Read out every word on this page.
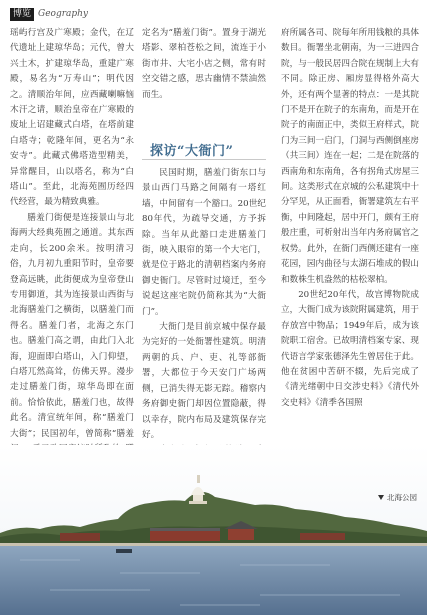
博览 Geography

瑶屿行宫及广寒殿；金代，在辽代遗址上建琼华岛；元代，曾大兴土木，扩建琼华岛，重建广寒殿，易名为“万寿山”；明代因之。清顺治年间，应西藏喇嘛恼木汗之请，顺治皇帝在广寒殿的废址上诏建藏式白塔，在塔前建白塔寺；乾隆年间，更名为“永安寺”。此藏式佛塔造型精美，异常醒目，山以塔名，称为“白塔山”。至此，北海苑囿历经四代经营，最为精致典雅。

膳羞门街便是连接景山与北海两大经典苑囿之通道。其东西走向，长200余米。按明清习俗，九月初九重阳节时，皇帝要登高远眺，此街便成为皇帝登山专用御道，其为连接景山西街与北海膳羞门之横街，以膳羞门而得名。膳羞门者，北海之东门也。膳羞门高之谓，由此门入北海，迎面即白塔山，入门仰望，白塔兀然高耸，仿佛天界。漫步走过膳羞门街，琼华岛即在面前。恰恰依此，膳羞门也，故得此名。清宣统年间，称“膳羞门大街”；民国初年，曾简称“膳羞

定名为“膳羞门街”。置身于湖光塔影、翠柏苍松之间，流连于小街市井、大宅小店之侧，常有时空交错之感，思古幽情不禁油然而生。

探访“大衙门”

民国时期，膳羞门街东口与景山西门马路之间隔有一塔红墙，中间留有一个豁口。20世纪80年代，为疏导交通，方予拆除。当年从此豁口走进膳羞门街，映入眼帘的第一个大宅门，就是位于路北的清朝档案内务府御史衙门。尽管时过境迁，至今说起这座宅院仍简称其为“大衙门”。

大衙门是目前京城中保存最为完好的一处衙署性建筑。明清两朝的兵、户、吏、礼等部衙署，大都位于今天安门广场两侧，已消失得无影无踪。稽察内务府御史衙门却因位置隐蔽，得以幸存，院内布局及建筑保存完好。

府所属各司、院每年所用钱粮的具体数目。衙署坐北朝南，为一三进四合院，与一般民居四合院在规制上大有不同。除正房、厢房显得格外高大外，还有两个显著的特点：一是其院门不是开在院子的东南角，而是开在院子的南面正中，类似王府样式，院门为三间一启门，门洞与西侧倒座房（共三间）连在一起；二是在院落的西南角和东南角，各有拐角式房屋三间。这类形式在京城的公私建筑中十分罕见，从正面看，衙署建筑左右平衡，中间隆起，居中开门，颇有王府般庄重，可析射出当年内务府属官之权势。此外，在衙门西侧还建有一座花园，园内曲径与太湖石堆成的假山和数株生机盎然的枯松翠柏。

20世纪20年代，故宫博物院成立，大衙门成为该院附属建筑，用于存放宫中物品；1949年后，成为该院职工宿舍。已故明清档案专家、现代语言学家张德泽先生曾居住于此。他在贫困中苦研不辍，先后完成了《清光绪朝中日交涉史料》《清代外交史料》《清季各国照

北海公园
